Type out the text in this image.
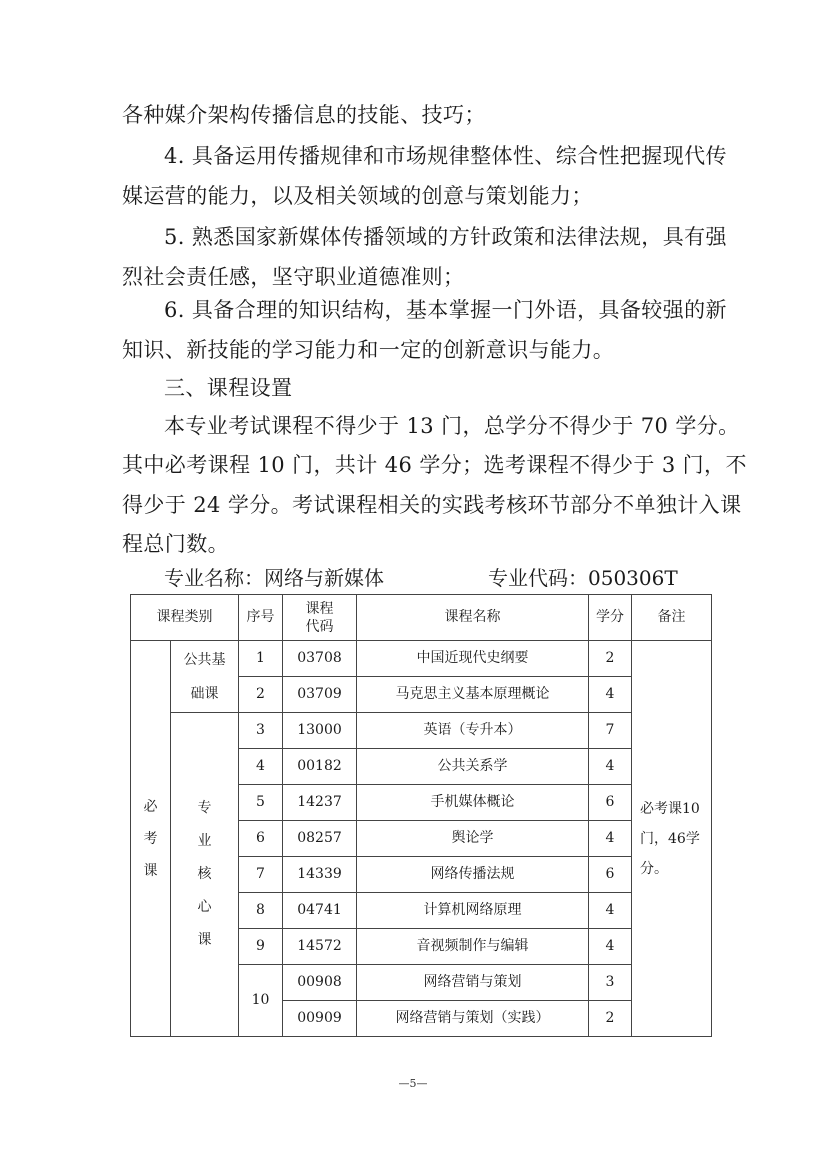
各种媒介架构传播信息的技能、技巧；
4. 具备运用传播规律和市场规律整体性、综合性把握现代传
媒运营的能力，以及相关领域的创意与策划能力；
5. 熟悉国家新媒体传播领域的方针政策和法律法规，具有强
烈社会责任感，坚守职业道德准则；
6. 具备合理的知识结构，基本掌握一门外语，具备较强的新
知识、新技能的学习能力和一定的创新意识与能力。
三、课程设置
本专业考试课程不得少于 13 门，总学分不得少于 70 学分。
其中必考课程 10 门，共计 46 学分；选考课程不得少于 3 门，不
得少于 24 学分。考试课程相关的实践考核环节部分不单独计入课
程总门数。
专业名称：网络与新媒体	专业代码：050306T
课程类别		序号	课程代码	课程名称	学分	备注
必考课	公共基础课	1	03708	中国近现代史纲要	2	必考课10门，46学分。
		2	03709	马克思主义基本原理概论	4	
	专业核心课	3	13000	英语（专升本）	7	
		4	00182	公共关系学	4	
		5	14237	手机媒体概论	6	
		6	08257	舆论学	4	
		7	14339	网络传播法规	6	
		8	04741	计算机网络原理	4	
		9	14572	音视频制作与编辑	4	
		10	00908	网络营销与策划	3	
			00909	网络营销与策划（实践）	2	
—5—
